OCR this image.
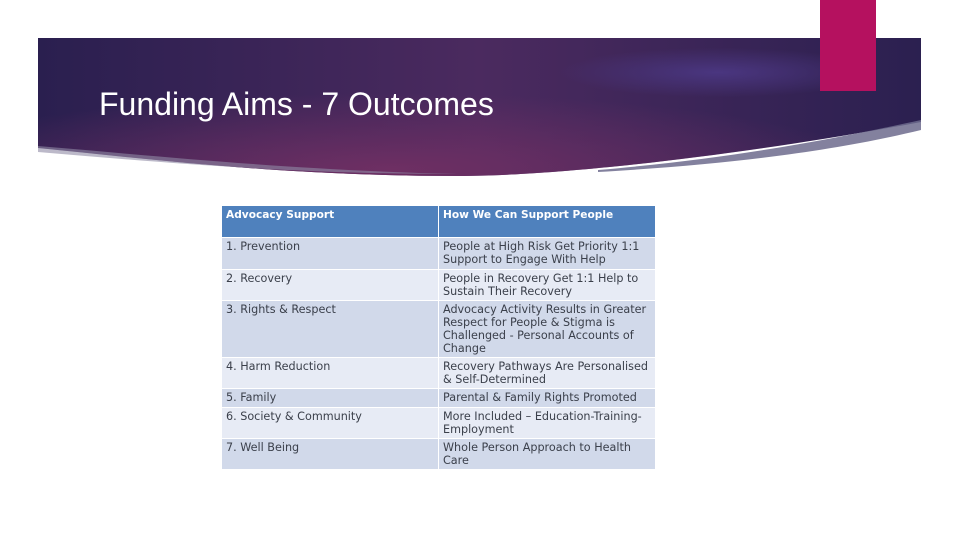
Funding Aims - 7 Outcomes
Advocacy Support	How We Can Support People
1. Prevention	People at High Risk Get Priority 1:1 Support to Engage With Help
2. Recovery	People in Recovery Get 1:1 Help to Sustain Their Recovery
3. Rights & Respect	Advocacy Activity Results in Greater Respect for People & Stigma is Challenged - Personal Accounts of Change
4. Harm Reduction	Recovery Pathways Are Personalised & Self-Determined
5. Family	Parental & Family Rights Promoted
6. Society & Community	More Included – Education-Training-Employment
7. Well Being	Whole Person Approach to Health Care
